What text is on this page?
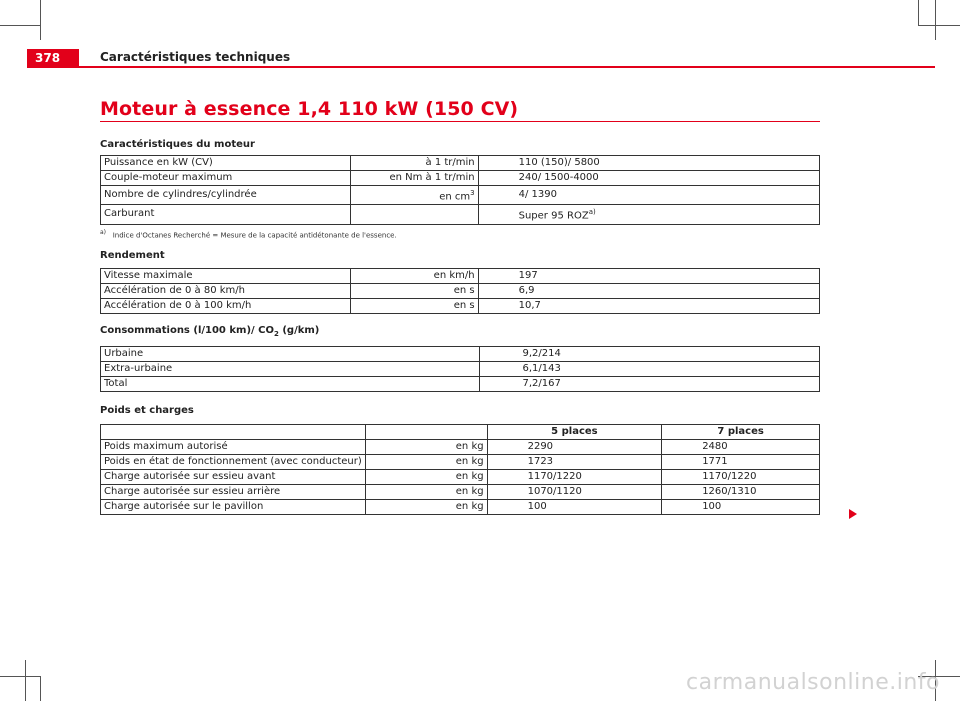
378	Caractéristiques techniques
Moteur à essence 1,4 110 kW (150 CV)
Caractéristiques du moteur
Puissance en kW (CV)	à 1 tr/min	110 (150)/ 5800
Couple-moteur maximum	en Nm à 1 tr/min	240/ 1500-4000
Nombre de cylindres/cylindrée	en $cm^3$	4/ 1390
Carburant		Super 95 ROZ$^{a)}$
$^{a)}$ Indice d'Octanes Recherché = Mesure de la capacité antidétonante de l'essence.
Rendement
Vitesse maximale	en km/h	197
Accélération de 0 à 80 km/h	en s	6,9
Accélération de 0 à 100 km/h	en s	10,7
Consommations (l/100 km)/ $CO_2$ (g/km)
Urbaine	9,2/214
Extra-urbaine	6,1/143
Total	7,2/167
Poids et charges
		5 places	7 places
Poids maximum autorisé	en kg	2290	2480
Poids en état de fonctionnement (avec conducteur)	en kg	1723	1771
Charge autorisée sur essieu avant	en kg	1170/1220	1170/1220
Charge autorisée sur essieu arrière	en kg	1070/1120	1260/1310
Charge autorisée sur le pavillon	en kg	100	100
carmanualsonline.info
